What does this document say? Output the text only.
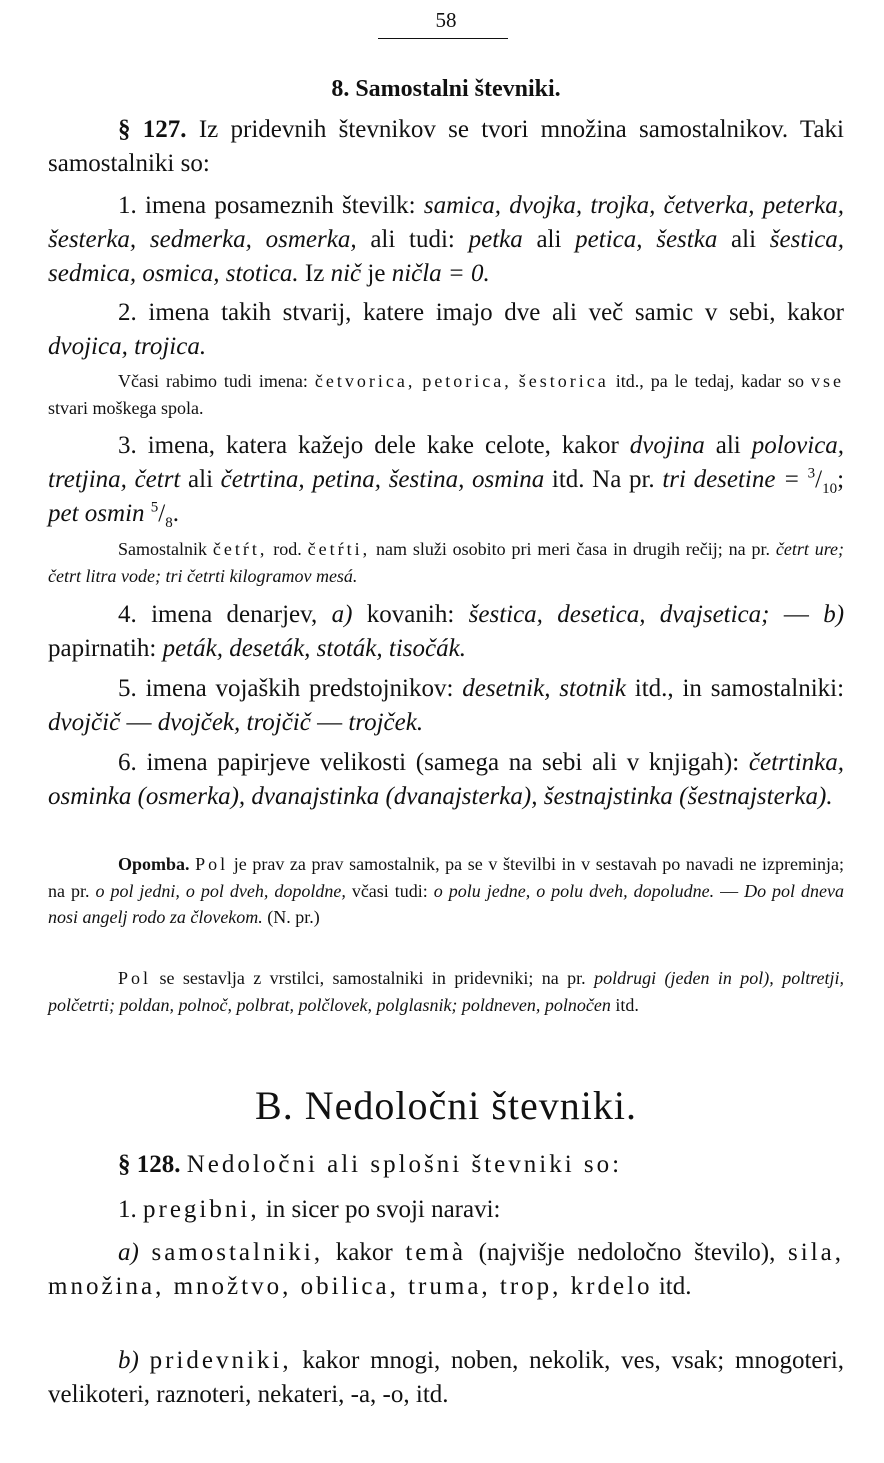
58
8. Samostalni števniki.
§ 127. Iz pridevnih števnikov se tvori množina samostalnikov. Taki samostalniki so:
1. imena posameznih številk: samica, dvojka, trojka, četverka, peterka, šesterka, sedmerka, osmerka, ali tudi: petka ali petica, šestka ali šestica, sedmica, osmica, stotica. Iz nič je ničla = 0.
2. imena takih stvarij, katere imajo dve ali več samic v sebi, kakor dvojica, trojica.
Včasi rabimo tudi imena: četvorica, petorica, šestorica itd., pa le tedaj, kadar so vse stvari moškega spola.
3. imena, katera kažejo dele kake celote, kakor dvojina ali polovica, tretjina, četrt ali četrtina, petina, šestina, osmina itd. Na pr. tri desetine = $^3/_{10}$; pet osmin $^5/_8$.
Samostalnik četŕt, rod. četŕti, nam služi osobito pri meri časa in drugih rečij; na pr. četrt ure; četrt litra vode; tri četrti kilogramov mesá.
4. imena denarjev, a) kovanih: šestica, desetica, dvajsetica; — b) papirnatih: peták, deseták, stoták, tisočák.
5. imena vojaških predstojnikov: desetnik, stotnik itd., in samostalniki: dvojčič — dvojček, trojčič — trojček.
6. imena papirjeve velikosti (samega na sebi ali v knjigah): četrtinka, osminka (osmerka), dvanajstinka (dvanajsterka), šestnajstinka (šestnajsterka).
Opomba. Pol je prav za prav samostalnik, pa se v številbi in v sestavah po navadi ne izpreminja; na pr. o pol jedni, o pol dveh, dopoldne, včasi tudi: o polu jedne, o polu dveh, dopoludne. — Do pol dneva nosi angelj rodo za človekom. (N. pr.)
Pol se sestavlja z vrstilci, samostalniki in pridevniki; na pr. poldrugi (jeden in pol), poltretji, polčetrti; poldan, polnoč, polbrat, polčlovek, polglasnik; poldneven, polnočen itd.
B. Nedoločni števniki.
§ 128. Nedoločni ali splošni števniki so:
1. pregibni, in sicer po svoji naravi:
a) samostalniki, kakor temà (najvišje nedoločno število), sila, množina, množtvo, obilica, truma, trop, krdelo itd.
b) pridevniki, kakor mnogi, noben, nekolik, ves, vsak; mnogoteri, velikoteri, raznoteri, nekateri, -a, -o, itd.
